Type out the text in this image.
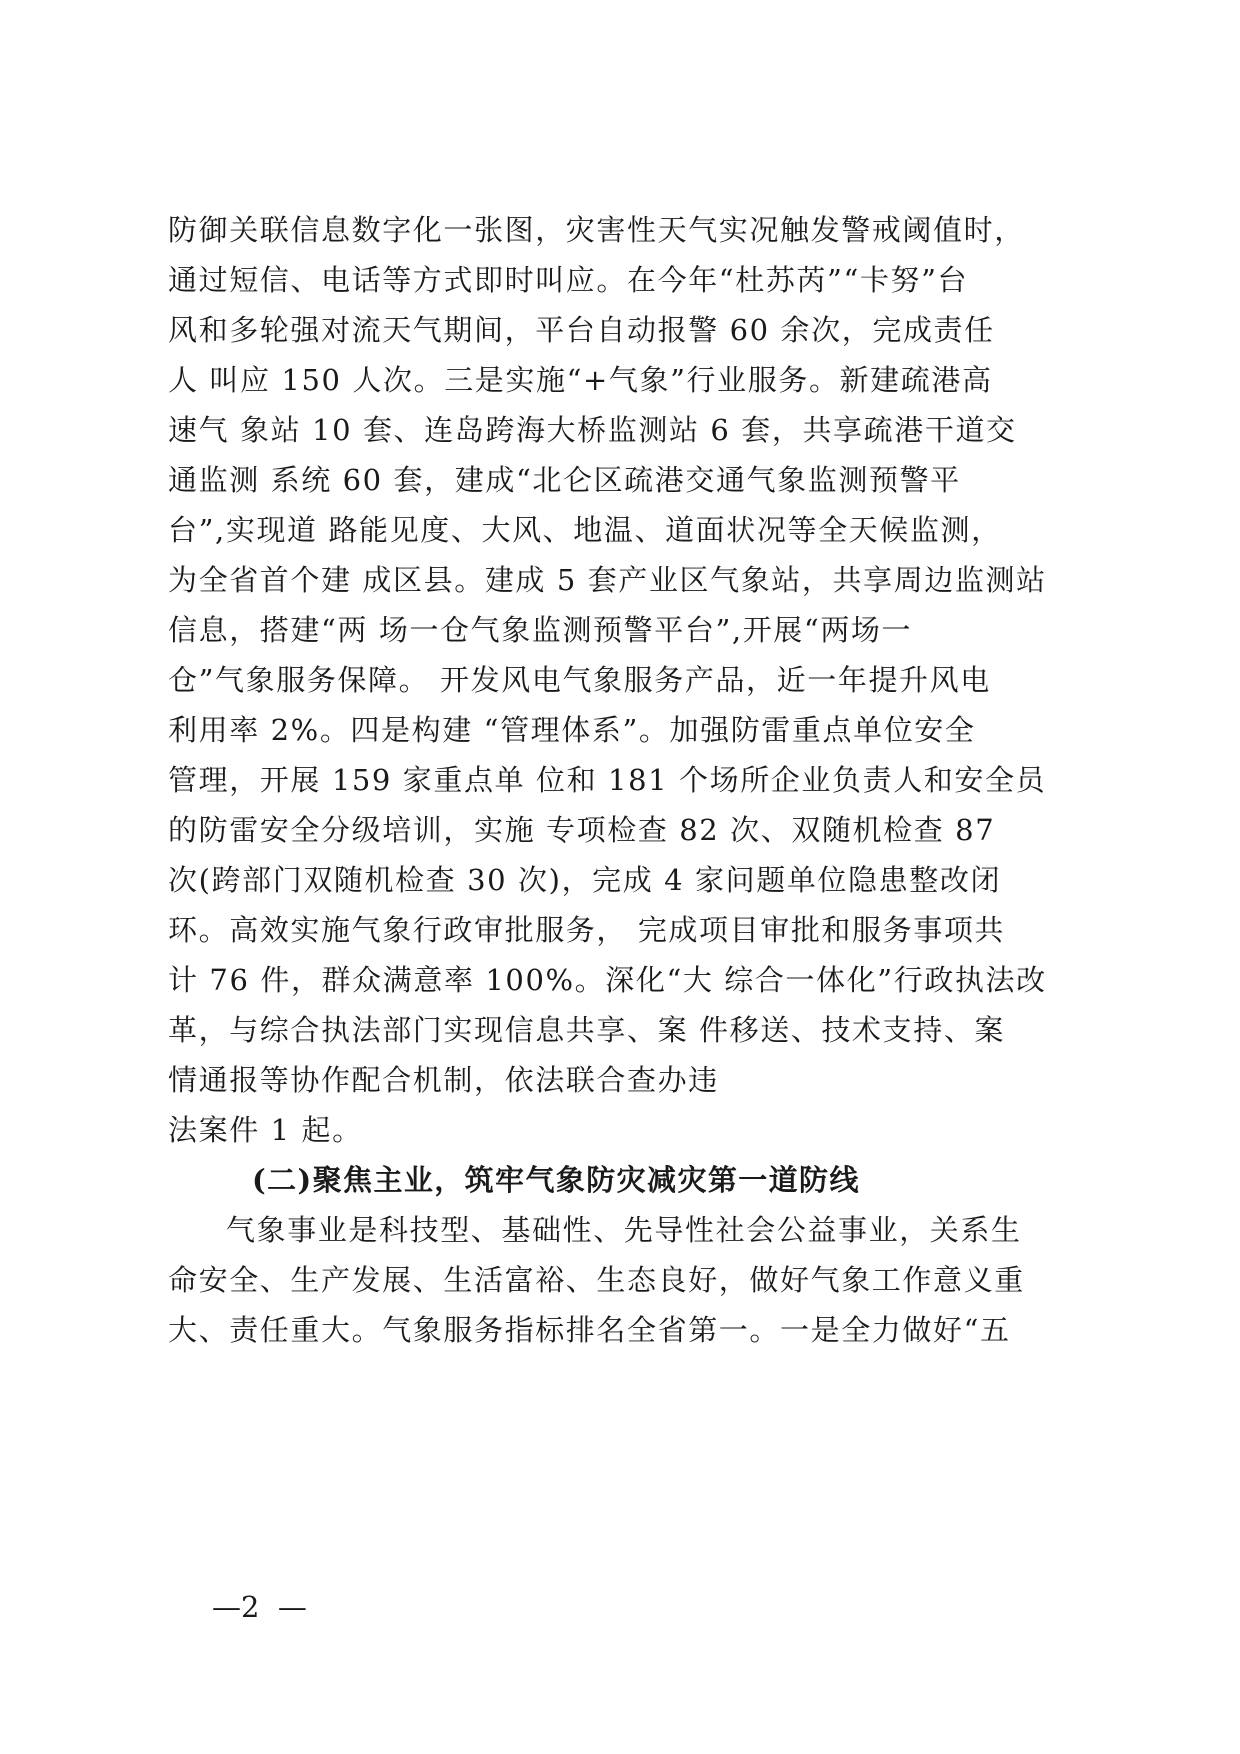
防御关联信息数字化一张图，灾害性天气实况触发警戒阈值时，
通过短信、电话等方式即时叫应。在今年“杜苏芮”“卡努”台
风和多轮强对流天气期间，平台自动报警 60 余次，完成责任
人 叫应 150 人次。三是实施“+气象”行业服务。新建疏港高
速气 象站 10 套、连岛跨海大桥监测站 6 套，共享疏港干道交
通监测 系统 60 套，建成“北仑区疏港交通气象监测预警平
台”,实现道 路能见度、大风、地温、道面状况等全天候监测，
为全省首个建 成区县。建成 5 套产业区气象站，共享周边监测站
信息，搭建“两 场一仓气象监测预警平台”,开展“两场一
仓”气象服务保障。 开发风电气象服务产品，近一年提升风电
利用率 2%。四是构建 “管理体系”。加强防雷重点单位安全
管理，开展 159 家重点单 位和 181 个场所企业负责人和安全员
的防雷安全分级培训，实施 专项检查 82 次、双随机检查 87
次(跨部门双随机检查 30 次)，完成 4 家问题单位隐患整改闭
环。高效实施气象行政审批服务， 完成项目审批和服务事项共
计 76 件，群众满意率 100%。深化“大 综合一体化”行政执法改
革，与综合执法部门实现信息共享、案 件移送、技术支持、案
情通报等协作配合机制，依法联合查办违
法案件 1 起。
(二)聚焦主业，筑牢气象防灾减灾第一道防线
气象事业是科技型、基础性、先导性社会公益事业，关系生
命安全、生产发展、生活富裕、生态良好，做好气象工作意义重
大、责任重大。气象服务指标排名全省第一。一是全力做好“五
—2  —
